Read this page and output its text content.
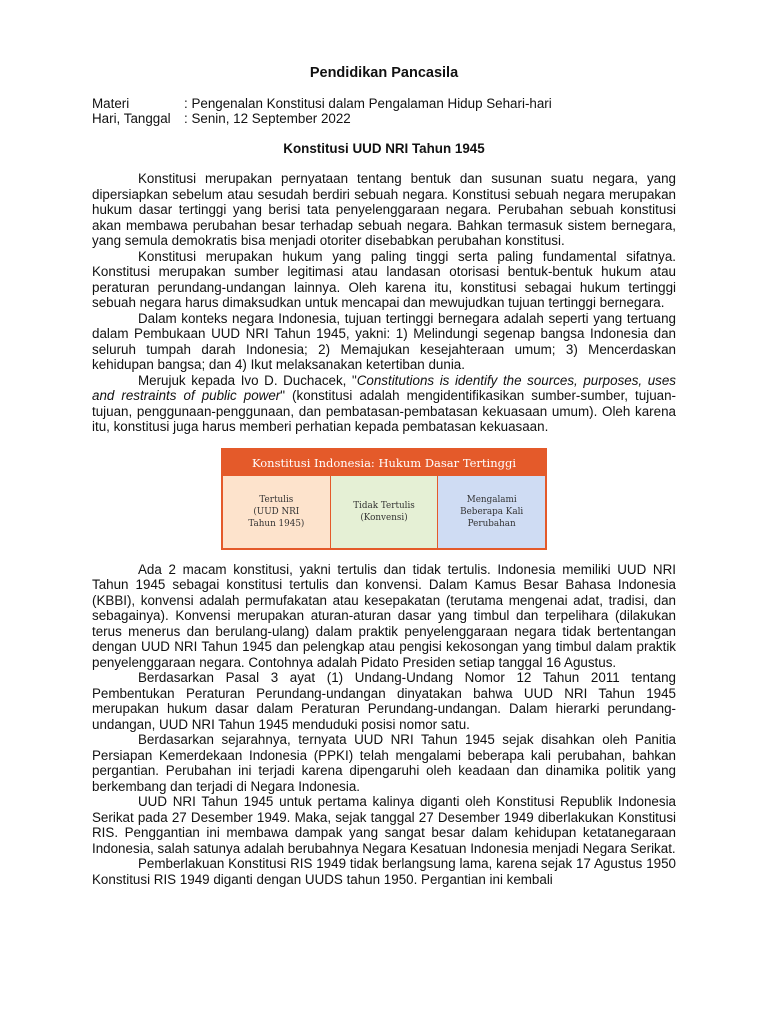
Pendidikan Pancasila
Materi	: Pengenalan Konstitusi dalam Pengalaman Hidup Sehari-hari
Hari, Tanggal : Senin, 12 September 2022
Konstitusi UUD NRI Tahun 1945

Konstitusi merupakan pernyataan tentang bentuk dan susunan suatu negara, yang dipersiapkan sebelum atau sesudah berdiri sebuah negara. Konstitusi sebuah negara merupakan hukum dasar tertinggi yang berisi tata penyelenggaraan negara. Perubahan sebuah konstitusi akan membawa perubahan besar terhadap sebuah negara. Bahkan termasuk sistem bernegara, yang semula demokratis bisa menjadi otoriter disebabkan perubahan konstitusi.

Konstitusi merupakan hukum yang paling tinggi serta paling fundamental sifatnya. Konstitusi merupakan sumber legitimasi atau landasan otorisasi bentuk-bentuk hukum atau peraturan perundang-undangan lainnya. Oleh karena itu, konstitusi sebagai hukum tertinggi sebuah negara harus dimaksudkan untuk mencapai dan mewujudkan tujuan tertinggi bernegara.

Dalam konteks negara Indonesia, tujuan tertinggi bernegara adalah seperti yang tertuang dalam Pembukaan UUD NRI Tahun 1945, yakni: 1) Melindungi segenap bangsa Indonesia dan seluruh tumpah darah Indonesia; 2) Memajukan kesejahteraan umum; 3) Mencerdaskan kehidupan bangsa; dan 4) Ikut melaksanakan ketertiban dunia.

Merujuk kepada Ivo D. Duchacek, "Constitutions is identify the sources, purposes, uses and restraints of public power" (konstitusi adalah mengidentifikasikan sumber-sumber, tujuan-tujuan, penggunaan-penggunaan, dan pembatasan-pembatasan kekuasaan umum). Oleh karena itu, konstitusi juga harus memberi perhatian kepada pembatasan kekuasaan.

Konstitusi Indonesia: Hukum Dasar Tertinggi
Tertulis
(UUD NRI
Tahun 1945)
Tidak Tertulis
(Konvensi)
Mengalami
Beberapa Kali
Perubahan

Ada 2 macam konstitusi, yakni tertulis dan tidak tertulis. Indonesia memiliki UUD NRI Tahun 1945 sebagai konstitusi tertulis dan konvensi. Dalam Kamus Besar Bahasa Indonesia (KBBI), konvensi adalah permufakatan atau kesepakatan (terutama mengenai adat, tradisi, dan sebagainya). Konvensi merupakan aturan-aturan dasar yang timbul dan terpelihara (dilakukan terus menerus dan berulang-ulang) dalam praktik penyelenggaraan negara tidak bertentangan dengan UUD NRI Tahun 1945 dan pelengkap atau pengisi kekosongan yang timbul dalam praktik penyelenggaraan negara. Contohnya adalah Pidato Presiden setiap tanggal 16 Agustus.

Berdasarkan Pasal 3 ayat (1) Undang-Undang Nomor 12 Tahun 2011 tentang Pembentukan Peraturan Perundang-undangan dinyatakan bahwa UUD NRI Tahun 1945 merupakan hukum dasar dalam Peraturan Perundang-undangan. Dalam hierarki perundang-undangan, UUD NRI Tahun 1945 menduduki posisi nomor satu.

Berdasarkan sejarahnya, ternyata UUD NRI Tahun 1945 sejak disahkan oleh Panitia Persiapan Kemerdekaan Indonesia (PPKI) telah mengalami beberapa kali perubahan, bahkan pergantian. Perubahan ini terjadi karena dipengaruhi oleh keadaan dan dinamika politik yang berkembang dan terjadi di Negara Indonesia.

UUD NRI Tahun 1945 untuk pertama kalinya diganti oleh Konstitusi Republik Indonesia Serikat pada 27 Desember 1949. Maka, sejak tanggal 27 Desember 1949 diberlakukan Konstitusi RIS. Penggantian ini membawa dampak yang sangat besar dalam kehidupan ketatanegaraan Indonesia, salah satunya adalah berubahnya Negara Kesatuan Indonesia menjadi Negara Serikat.

Pemberlakuan Konstitusi RIS 1949 tidak berlangsung lama, karena sejak 17 Agustus 1950 Konstitusi RIS 1949 diganti dengan UUDS tahun 1950. Pergantian ini kembali
